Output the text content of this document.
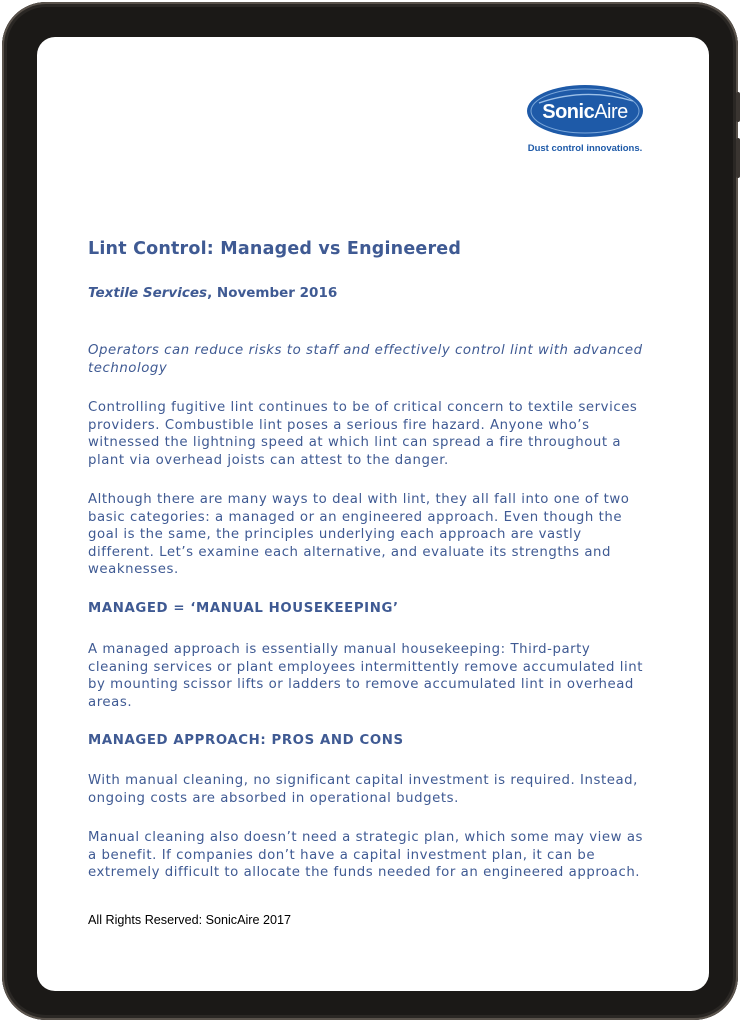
SonicAire
Dust control innovations.
Lint Control: Managed vs Engineered

Textile Services, November 2016

Operators can reduce risks to staff and effectively control lint with advanced technology

Controlling fugitive lint continues to be of critical concern to textile services providers. Combustible lint poses a serious fire hazard. Anyone who’s witnessed the lightning speed at which lint can spread a fire throughout a plant via overhead joists can attest to the danger.

Although there are many ways to deal with lint, they all fall into one of two basic categories: a managed or an engineered approach. Even though the goal is the same, the principles underlying each approach are vastly different. Let’s examine each alternative, and evaluate its strengths and weaknesses.

MANAGED = ‘MANUAL HOUSEKEEPING’

A managed approach is essentially manual housekeeping: Third-party cleaning services or plant employees intermittently remove accumulated lint by mounting scissor lifts or ladders to remove accumulated lint in overhead areas.

MANAGED APPROACH: PROS AND CONS

With manual cleaning, no significant capital investment is required. Instead, ongoing costs are absorbed in operational budgets.

Manual cleaning also doesn’t need a strategic plan, which some may view as a benefit. If companies don’t have a capital investment plan, it can be extremely difficult to allocate the funds needed for an engineered approach.

All Rights Reserved: SonicAire 2017
